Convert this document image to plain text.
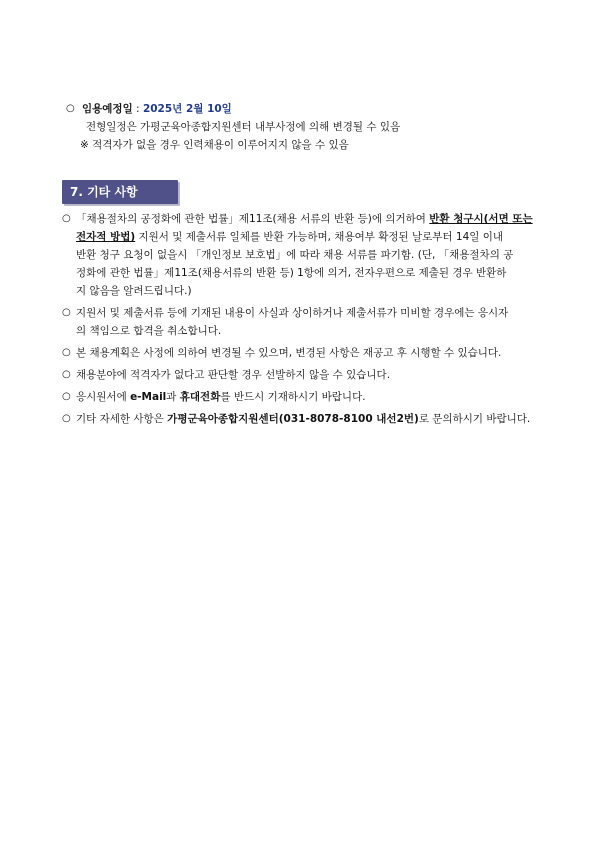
○ 임용예정일 : 2025년 2월 10일
전형일정은 가평군육아종합지원센터 내부사정에 의해 변경될 수 있음
※ 적격자가 없을 경우 인력채용이 이루어지지 않을 수 있음
7. 기타 사항
○ 「채용절차의 공정화에 관한 법률」제11조(채용 서류의 반환 등)에 의거하여 반환 청구시(서면 또는
전자적 방법) 지원서 및 제출서류 일체를 반환 가능하며, 채용여부 확정된 날로부터 14일 이내
반환 청구 요청이 없을시 「개인정보 보호법」에 따라 채용 서류를 파기함. (단, 「채용절차의 공
정화에 관한 법률」제11조(채용서류의 반환 등) 1항에 의거, 전자우편으로 제출된 경우 반환하
지 않음을 알려드립니다.)
○ 지원서 및 제출서류 등에 기재된 내용이 사실과 상이하거나 제출서류가 미비할 경우에는 응시자
의 책임으로 합격을 취소합니다.
○ 본 채용계획은 사정에 의하여 변경될 수 있으며, 변경된 사항은 재공고 후 시행할 수 있습니다.
○ 채용분야에 적격자가 없다고 판단할 경우 선발하지 않을 수 있습니다.
○ 응시원서에 e-Mail과 휴대전화를 반드시 기재하시기 바랍니다.
○ 기타 자세한 사항은 가평군육아종합지원센터(031-8078-8100 내선2번)로 문의하시기 바랍니다.
